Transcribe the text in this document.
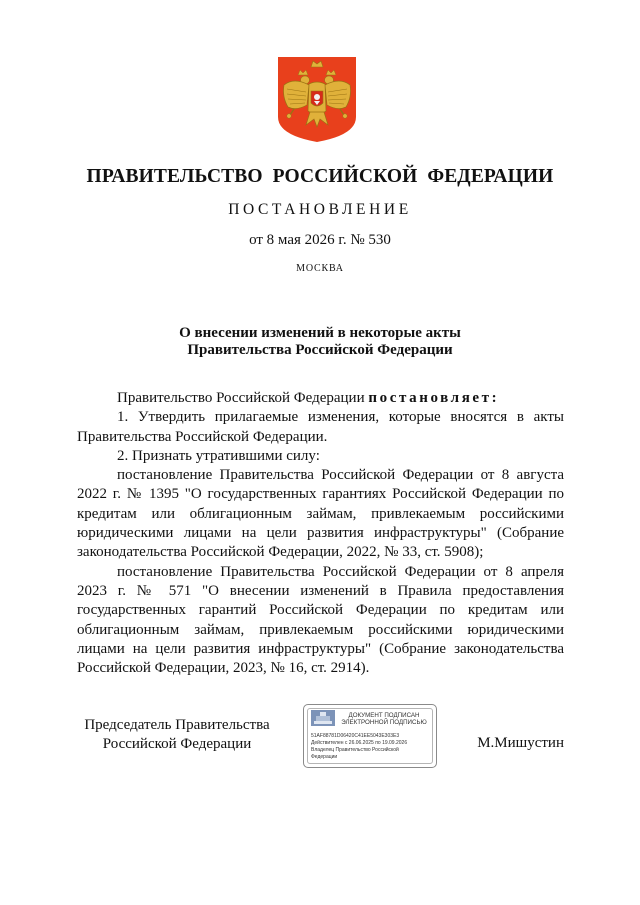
ПРАВИТЕЛЬСТВО РОССИЙСКОЙ ФЕДЕРАЦИИ
ПОСТАНОВЛЕНИЕ
от 8 мая 2026 г. № 530
МОСКВА
О внесении изменений в некоторые акты
Правительства Российской Федерации

Правительство Российской Федерации постановляет:

1. Утвердить прилагаемые изменения, которые вносятся в акты Правительства Российской Федерации.

2. Признать утратившими силу:

постановление Правительства Российской Федерации от 8 августа 2022 г. № 1395 "О государственных гарантиях Российской Федерации по кредитам или облигационным займам, привлекаемым российскими юридическими лицами на цели развития инфраструктуры" (Собрание законодательства Российской Федерации, 2022, № 33, ст. 5908);

постановление Правительства Российской Федерации от 8 апреля 2023 г. № 571 "О внесении изменений в Правила предоставления государственных гарантий Российской Федерации по кредитам или облигационным займам, привлекаемым российскими юридическими лицами на цели развития инфраструктуры" (Собрание законодательства Российской Федерации, 2023, № 16, ст. 2914).

Председатель Правительства
Российской Федерации
ДОКУМЕНТ ПОДПИСАН
ЭЛЕКТРОННОЙ ПОДПИСЬЮ
51AF88781D06420C41EE5043E303E3
Действителен с 26.06.2025 по 19.09.2026
Владелец Правительство Российской
Федерации
М.Мишустин
